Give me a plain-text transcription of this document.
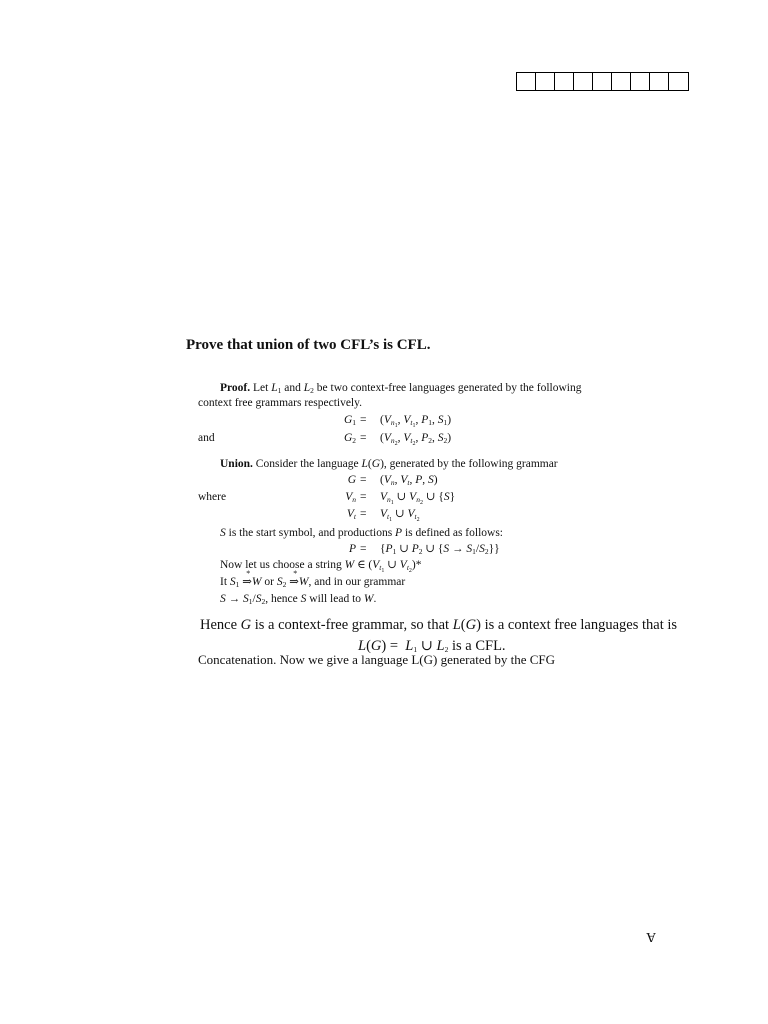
Prove that union of two CFL’s is CFL.
Proof. Let $L_1$ and $L_2$ be two context-free languages generated by the following
context free grammars respectively.
$G_1 = (V_{n_1}$, $V_{t_1}$, $P_1$, $S_1$)
and	$G_2 = (V_{n_2}$, $V_{t_2}$, $P_2$, $S_2$)
Union. Consider the language L(G), generated by the following grammar
$G = (V_n$, $V_t$, P, S)
where	$V_n = V_{n_1}$ ∪ $V_{n_2}$ ∪ {S}
$V_t = V_{t_1}$ ∪ $V_{t_2}$
S is the start symbol, and productions P is defined as follows:
$P = \{P_1$ ∪ $P_2$ ∪ $\{S \to S_1/S_2\}$}
Now let us choose a string W ∈ ($V_{t_1}$ ∪ $V_{t_2})*$
It $S_1$ ⇒
*
W or $S_2$ ⇒
*
W, and in our grammar
$S \to S_1/S_2$, hence S will lead to W.
Hence G is a context-free grammar, so that L(G) is a context free languages that is
$L(G) = L_1$ ∪ $L_2$ is a CFL.
Concatenation. Now we give a language L(G) generated by the CFG
A
